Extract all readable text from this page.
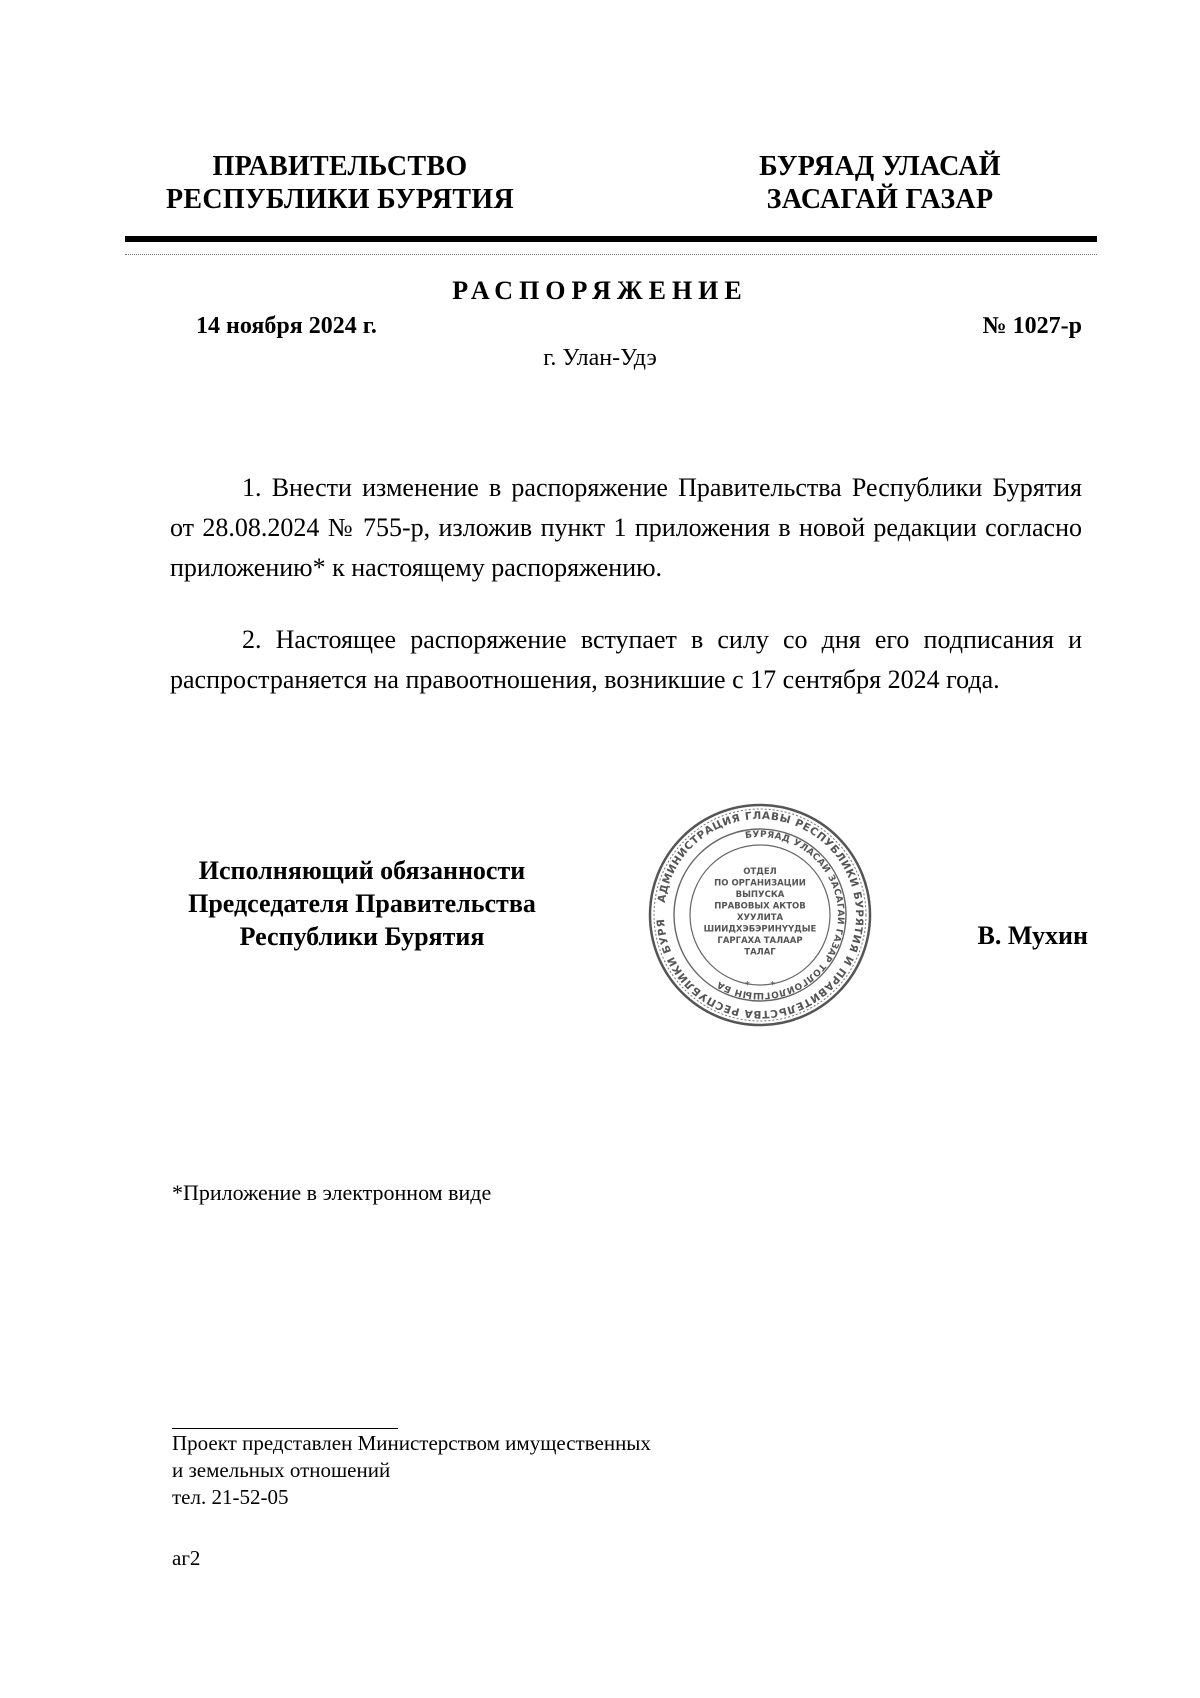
ПРАВИТЕЛЬСТВО
РЕСПУБЛИКИ БУРЯТИЯ
БУРЯАД УЛАСАЙ
ЗАСАГАЙ ГАЗАР
РАСПОРЯЖЕНИЕ
14 ноября 2024 г.	№ 1027-р
г. Улан-Удэ

1. Внести изменение в распоряжение Правительства Республики Бурятия от 28.08.2024 № 755-р, изложив пункт 1 приложения в новой редакции согласно приложению* к настоящему распоряжению.

2. Настоящее распоряжение вступает в силу со дня его подписания и распространяется на правоотношения, возникшие с 17 сентября 2024 года.

Исполняющий обязанности
Председателя Правительства
Республики Бурятия	В. Мухин
АДМИНИСТРАЦИЯ ГЛАВЫ РЕСПУБЛИКИ БУРЯТИЯ И ПРАВИТЕЛЬСТВА РЕСПУБЛИКИ БУРЯ
БУРЯАД УЛАСАЙ ЗАСАГАЙ ГАЗАР ТОЛГОЙЛОГШЫН БА
ОТДЕЛ
ПО ОРГАНИЗАЦИИ
ВЫПУСКА
ПРАВОВЫХ АКТОВ
ХУУЛИТА
ШИИДХЭБЭРИНҮҮДЫЕ
ГАРГАХА ТАЛААР
ТАЛАГ
* *
*Приложение в электронном виде
Проект представлен Министерством имущественных
и земельных отношений
тел. 21-52-05
аг2
